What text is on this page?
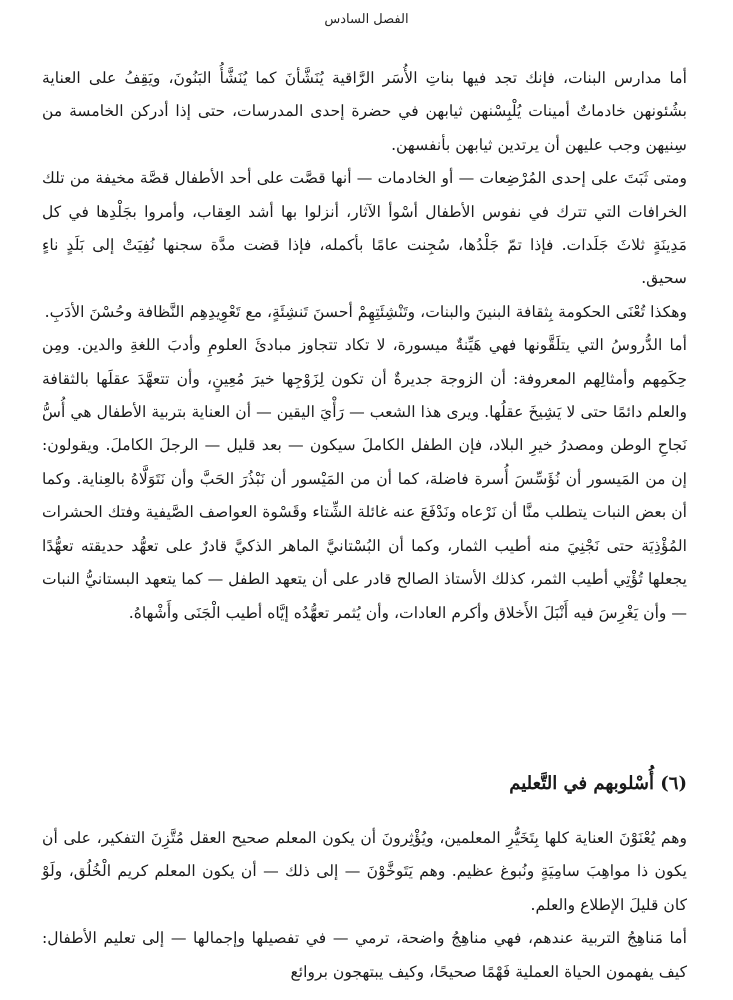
الفصل السادس

أما مدارس البنات، فإنك تجد فيها بناتِ الأُسَر الرَّاقية يُنَشَّأنَ كما يُنَشَّأُ البَنُونَ، ويَقِفُ على العناية بشُئونهن خادماتٌ أمينات يُلْبِسْنهن ثيابهن في حضرة إحدى المدرسات، حتى إذا أدركن الخامسة من سِنيهن وجب عليهن أن يرتدين ثيابهن بأنفسهن.

ومتى ثَبَتَ على إحدى المُرْضِعات — أو الخادمات — أنها قصَّت على أحد الأطفال قصَّة مخيفة من تلك الخرافات التي تترك في نفوس الأطفال أسْوأ الآثار، أنزلوا بها أشد العِقاب، وأمروا بجَلْدِها في كل مَدِينَةٍ ثلاثَ جَلَدات. فإذا تمّ جَلْدُها، سُجِنت عامًا بأكمله، فإذا قضت مدَّة سجنها نُفِيَتْ إلى بَلَدٍ ناءٍ سحيق.

وهكذا تُعْنَى الحكومة بِثقافة البنينَ والبنات، وتَنْشِئَتِهِمْ أحسنَ تَنشِئَةٍ، مع تَعْوِيدِهِم النَّظافة وحُسْنَ الأدَبِ.

أما الدُّروسُ التي يتلَقَّونها فهي هَيِّنةٌ ميسورة، لا تكاد تتجاوز مبادئَ العلومِ وأدبَ اللغةِ والدين. ومِن حِكَمِهم وأمثالِهم المعروفة: أن الزوجة جديرةٌ أن تكون لِزَوْجِها خيرَ مُعِينٍ، وأن تتعهَّدَ عقلَها بالثقافة والعلم دائمًا حتى لا يَشِيخَ عقلُها. ويرى هذا الشعب — رَأْيَ اليقين — أن العناية بتربية الأطفال هي أُسُّ نَجاحِ الوطن ومصدرُ خيرِ البلاد، فإن الطفل الكاملَ سيكون — بعد قليل — الرجلَ الكاملَ. ويقولون: إن من المَيسور أن نُؤَسِّسَ أُسرة فاضلة، كما أن من المَيْسور أن نَبْذُرَ الحَبَّ وأن نَتَوَلَّاهُ بالعِناية. وكما أن بعض النبات يتطلب منَّا أن نَرْعاه ونَدْفَعَ عنه غائلة الشِّتاء وقَسْوة العواصف الصَّيفية وفتك الحشرات المُؤْذِيَة حتى نَجْنِيَ منه أطيب الثمار، وكما أن البُسْتانيَّ الماهر الذكيَّ قادرٌ على تعهُّد حديقته تعهُّدًا يجعلها تُؤْتِي أطيب الثمر، كذلك الأستاذ الصالح قادر على أن يتعهد الطفل — كما يتعهد البستانيُّ النبات — وأن يَغْرِسَ فيه أَنْبَلَ الأَخلاق وأكرم العادات، وأن يُثمر تعهُّدُه إيَّاه أطيب الْجَنَى وأَشْهاهُ.

(٦) أُسْلوبهم في التَّعليم

وهم يُعْنَوْنَ العناية كلها بِتَخَيُّرِ المعلمين، ويُؤْثِرونَ أن يكون المعلم صحيح العقل مُتَّزِنَ التفكير، على أن يكون ذا مواهِبَ سامِيَةٍ ونُبوغ عظيم. وهم يَتَوخَّوْنَ — إلى ذلك — أن يكون المعلم كريم الْخُلُق، ولَوْ كان قليلَ الإطلاع والعلم.

أما مَناهِجُ التربية عندهم، فهي مناهِجُ واضحة، ترمي — في تفصيلها وإجمالها — إلى تعليم الأطفال: كيف يفهمون الحياة العملية فَهْمًا صحيحًا، وكيف يبتهجون بروائع
